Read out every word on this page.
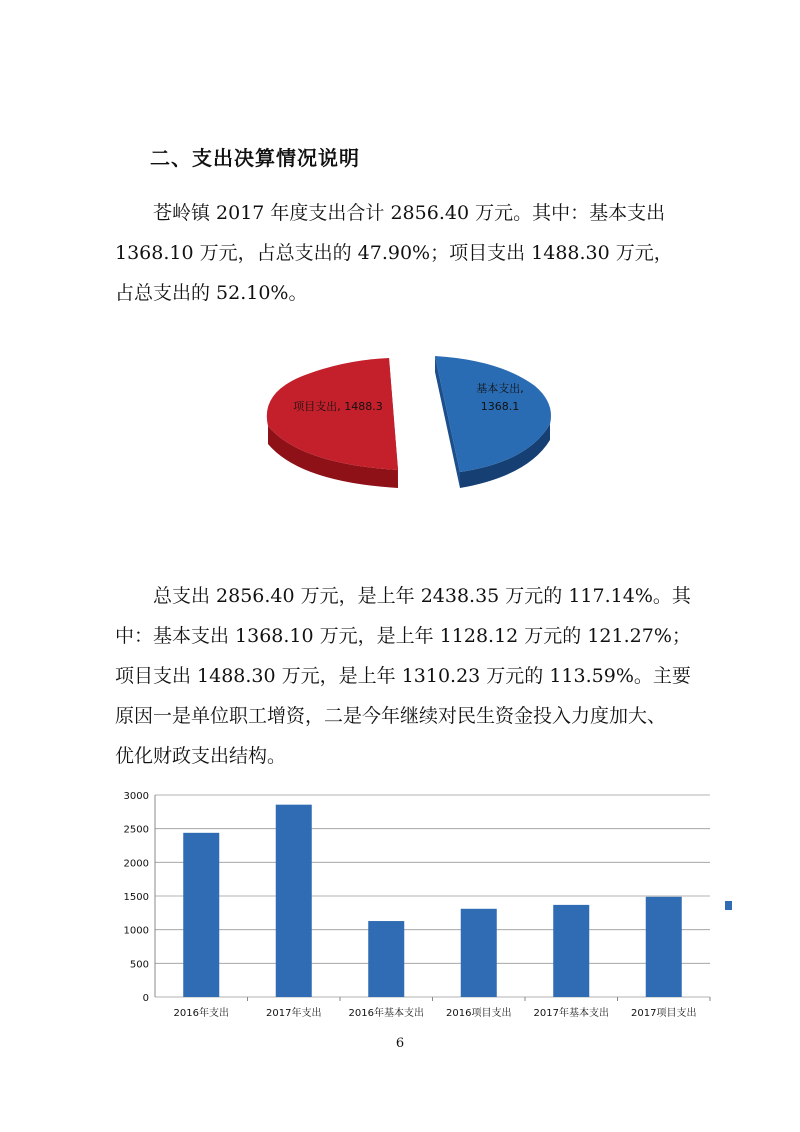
二、支出决算情况说明
苍岭镇 2017 年度支出合计 2856.40 万元。其中：基本支出
1368.10 万元，占总支出的 47.90%；项目支出 1488.30 万元，
占总支出的 52.10%。
项目支出, 1488.3
基本支出,
1368.1
总支出 2856.40 万元，是上年 2438.35 万元的 117.14%。其
中：基本支出 1368.10 万元，是上年 1128.12 万元的 121.27%；
项目支出 1488.30 万元，是上年 1310.23 万元的 113.59%。主要
原因一是单位职工增资，二是今年继续对民生资金投入力度加大、
优化财政支出结构。
0
500
1000
1500
2000
2500
3000
2016年支出	2017年支出	2016年基本支出 2016项目支出 2017年基本支出 2017项目支出
6
